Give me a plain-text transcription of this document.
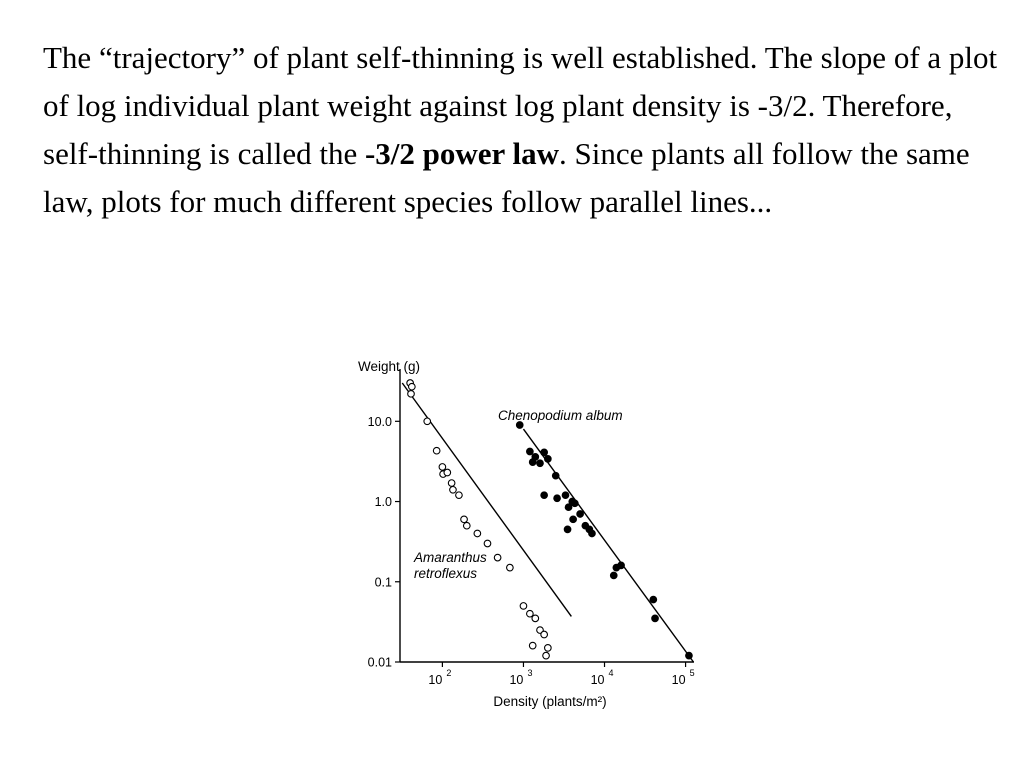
The “trajectory” of plant self-thinning is well established. The slope of a plot of log individual plant weight against log plant density is -3/2. Therefore, self-thinning is called the -3/2 power law. Since plants all follow the same law, plots for much different species follow parallel lines...

10.0
1.0
0.1
0.01
10 2	10 3	10 4	10 5
Weight (g)
Density (plants/m²)
Amaranthus
retroflexus
Chenopodium album
